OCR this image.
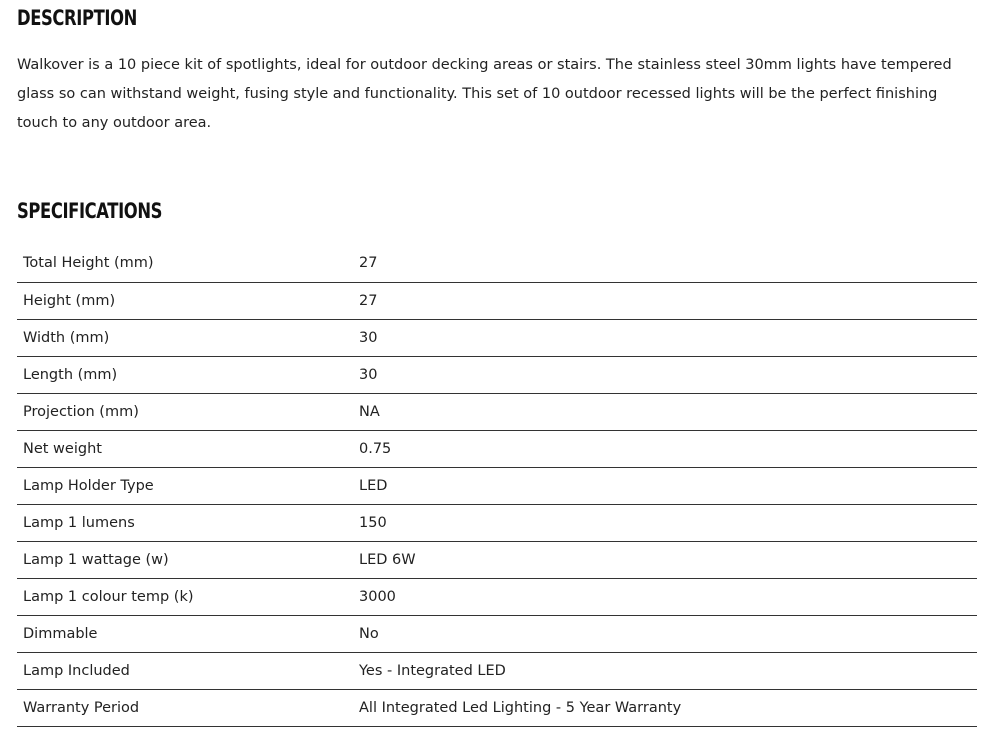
DESCRIPTION

Walkover is a 10 piece kit of spotlights, ideal for outdoor decking areas or stairs. The stainless steel 30mm lights have tempered glass so can withstand weight, fusing style and functionality. This set of 10 outdoor recessed lights will be the perfect finishing touch to any outdoor area.

SPECIFICATIONS
Total Height (mm)	27
Height (mm)	27
Width (mm)	30
Length (mm)	30
Projection (mm)	NA
Net weight	0.75
Lamp Holder Type	LED
Lamp 1 lumens	150
Lamp 1 wattage (w)	LED 6W
Lamp 1 colour temp (k)	3000
Dimmable	No
Lamp Included	Yes - Integrated LED
Warranty Period	All Integrated Led Lighting - 5 Year Warranty
